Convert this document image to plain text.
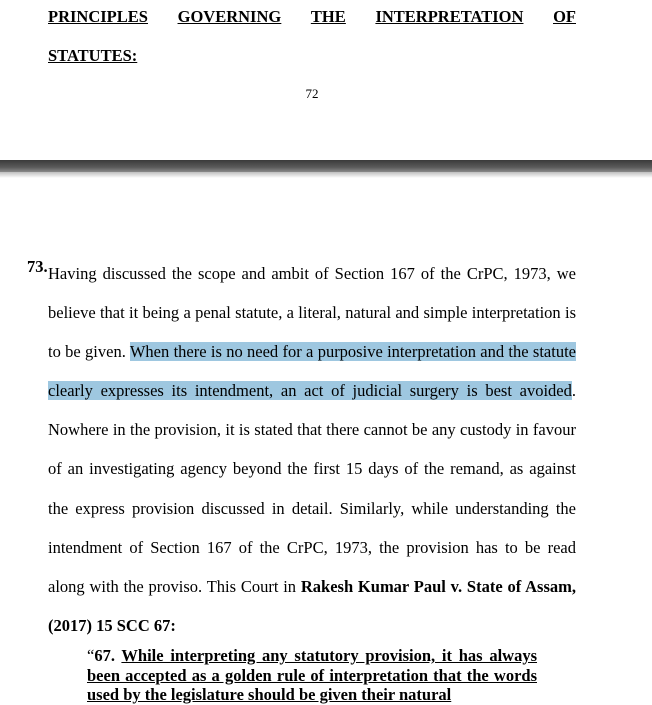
PRINCIPLES GOVERNING THE INTERPRETATION OF
STATUTES:
72
73. Having discussed the scope and ambit of Section 167 of the CrPC, 1973, we believe that it being a penal statute, a literal, natural and simple interpretation is to be given. When there is no need for a purposive interpretation and the statute clearly expresses its intendment, an act of judicial surgery is best avoided. Nowhere in the provision, it is stated that there cannot be any custody in favour of an investigating agency beyond the first 15 days of the remand, as against the express provision discussed in detail. Similarly, while understanding the intendment of Section 167 of the CrPC, 1973, the provision has to be read along with the proviso. This Court in Rakesh Kumar Paul v. State of Assam, (2017) 15 SCC 67:
“67. While interpreting any statutory provision, it has always been accepted as a golden rule of interpretation that the words used by the legislature should be given their natural
